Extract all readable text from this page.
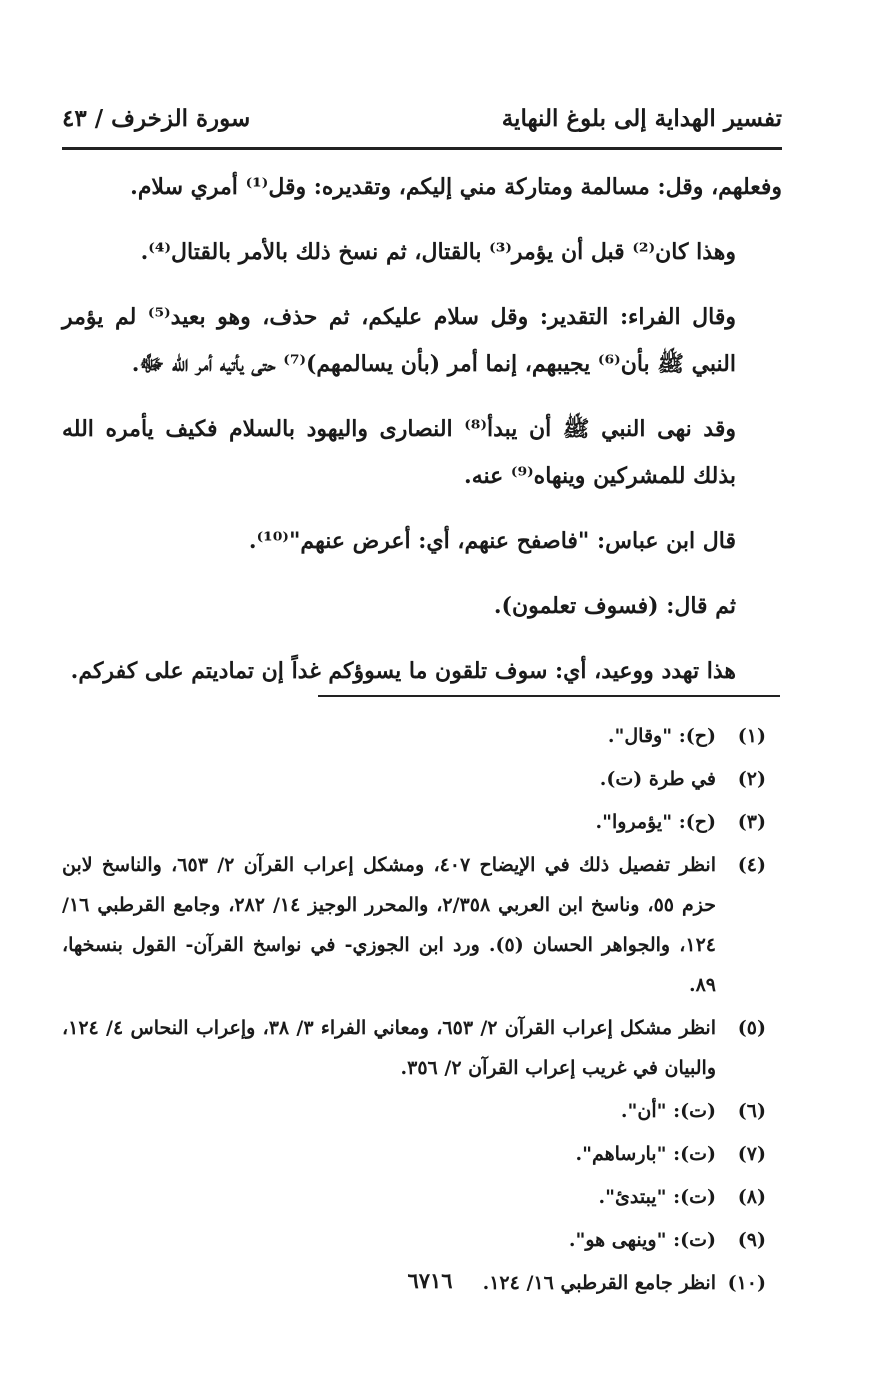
تفسير الهداية إلى بلوغ النهاية
سورة الزخرف / ٤٣

وفعلهم، وقل: مسالمة ومتاركة مني إليكم، وتقديره: وقل⁽¹⁾ أمري سلام.

وهذا كان⁽²⁾ قبل أن يؤمر⁽³⁾ بالقتال، ثم نسخ ذلك بالأمر بالقتال⁽⁴⁾.

وقال الفراء: التقدير: وقل سلام عليكم، ثم حذف، وهو بعيد⁽⁵⁾ لم يؤمر النبي ﷺ بأن⁽⁶⁾ يجيبهم، إنما أمر (بأن يسالمهم)⁽⁷⁾ حتى يأتيه أمر الله ﷻ.

وقد نهى النبي ﷺ أن يبدأ⁽⁸⁾ النصارى واليهود بالسلام فكيف يأمره الله بذلك للمشركين وينهاه⁽⁹⁾ عنه.

قال ابن عباس: "فاصفح عنهم، أي: أعرض عنهم"⁽¹⁰⁾.

ثم قال: (فسوف تعلمون).

هذا تهدد ووعيد، أي: سوف تلقون ما يسوؤكم غداً إن تماديتم على كفركم.

(١)
(ح): "وقال".
(٢)
في طرة (ت).
(٣)
(ح): "يؤمروا".
(٤)
انظر تفصيل ذلك في الإيضاح ٤٠٧، ومشكل إعراب القرآن ٢/ ٦٥٣، والناسخ لابن حزم ٥٥، وناسخ ابن العربي ٢/٣٥٨، والمحرر الوجيز ١٤/ ٢٨٢، وجامع القرطبي ١٦/ ١٢٤، والجواهر الحسان (٥). ورد ابن الجوزي- في نواسخ القرآن- القول بنسخها، ٨٩.
(٥)
انظر مشكل إعراب القرآن ٢/ ٦٥٣، ومعاني الفراء ٣/ ٣٨، وإعراب النحاس ٤/ ١٢٤، والبيان في غريب إعراب القرآن ٢/ ٣٥٦.
(٦)
(ت): "أن".
(٧)
(ت): "بارساهم".
(٨)
(ت): "يبتدئ".
(٩)
(ت): "وينهى هو".
(١٠)
انظر جامع القرطبي ١٦/ ١٢٤.
٦٧١٦
